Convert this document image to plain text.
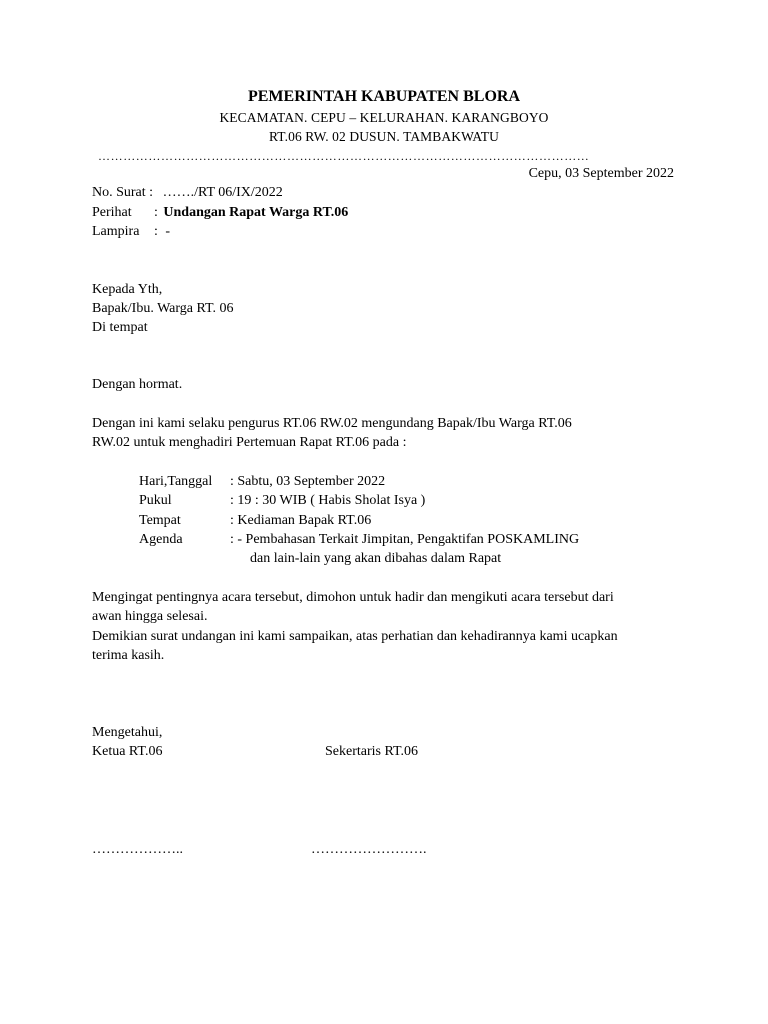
PEMERINTAH KABUPATEN BLORA
KECAMATAN. CEPU – KELURAHAN. KARANGBOYO
RT.06 RW. 02 DUSUN. TAMBAKWATU
………………………………………………………………………………………………………
Cepu, 03 September 2022
No. Surat : ……./RT 06/IX/2022
Perihat : Undangan Rapat Warga RT.06
Lampira : -
Kepada Yth,
Bapak/Ibu. Warga RT. 06
Di tempat
Dengan hormat.
Dengan ini kami selaku pengurus RT.06 RW.02 mengundang Bapak/Ibu Warga RT.06
RW.02 untuk menghadiri Pertemuan Rapat RT.06 pada :
Hari,Tanggal : Sabtu, 03 September 2022
Pukul	: 19 : 30 WIB ( Habis Sholat Isya )
Tempat	: Kediaman Bapak RT.06
Agenda	: - Pembahasan Terkait Jimpitan, Pengaktifan POSKAMLING
dan lain-lain yang akan dibahas dalam Rapat
Mengingat pentingnya acara tersebut, dimohon untuk hadir dan mengikuti acara tersebut dari
awan hingga selesai.
Demikian surat undangan ini kami sampaikan, atas perhatian dan kehadirannya kami ucapkan
terima kasih.
Mengetahui,
Ketua RT.06	Sekertaris RT.06
………………..	…………………….
